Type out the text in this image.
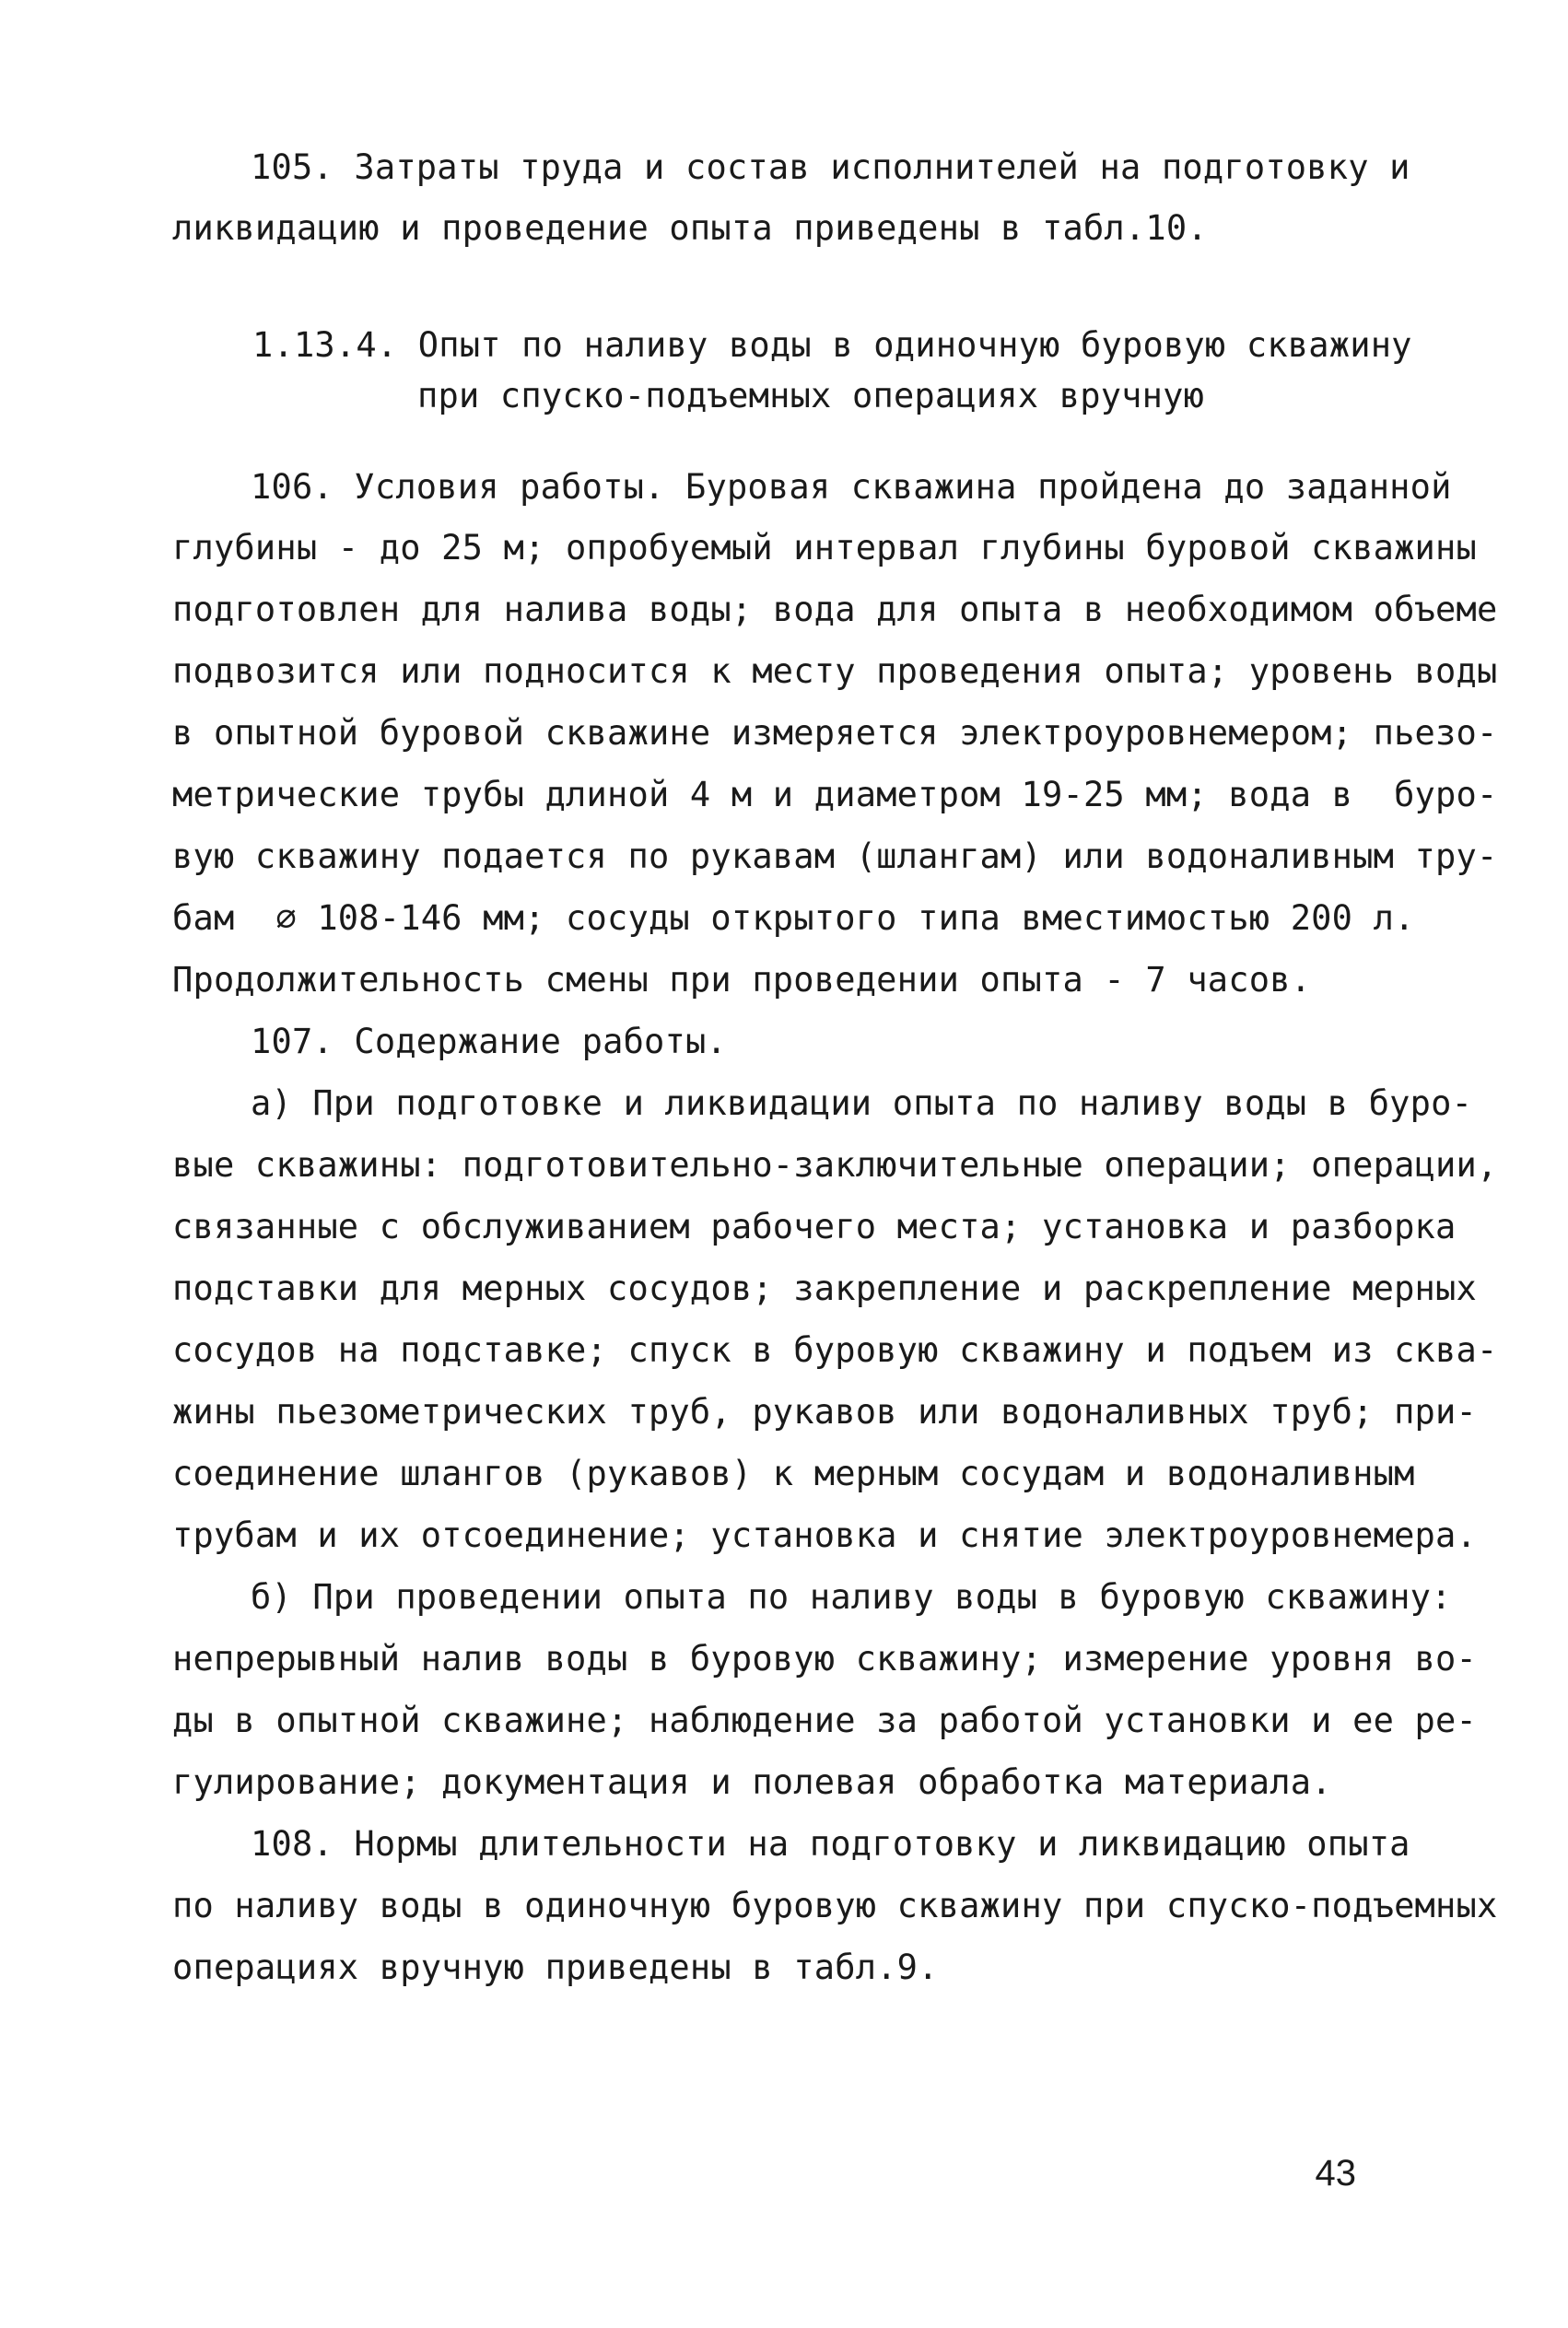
105. Затраты труда и состав исполнителей на подготовку и

ликвидацию и проведение опыта приведены в табл.10.

1.13.4. Опыт по наливу воды в одиночную буровую скважину

при спуско-подъемных операциях вручную

106. Условия работы. Буровая скважина пройдена до заданной

глубины - до 25 м; опробуемый интервал глубины буровой скважины

подготовлен для налива воды; вода для опыта в необходимом объеме

подвозится или подносится к месту проведения опыта; уровень воды

в опытной буровой скважине измеряется электроуровнемером; пьезо-

метрические трубы длиной 4 м и диаметром 19-25 мм; вода в  буро-

вую скважину подается по рукавам (шлангам) или водоналивным тру-

бам  ∅ 108-146 мм; сосуды открытого типа вместимостью 200 л.

Продолжительность смены при проведении опыта - 7 часов.

107. Содержание работы.

а) При подготовке и ликвидации опыта по наливу воды в буро-

вые скважины: подготовительно-заключительные операции; операции,

связанные с обслуживанием рабочего места; установка и разборка

подставки для мерных сосудов; закрепление и раскрепление мерных

сосудов на подставке; спуск в буровую скважину и подъем из сква-

жины пьезометрических труб, рукавов или водоналивных труб; при-

соединение шлангов (рукавов) к мерным сосудам и водоналивным

трубам и их отсоединение; установка и снятие электроуровнемера.

б) При проведении опыта по наливу воды в буровую скважину:

непрерывный налив воды в буровую скважину; измерение уровня во-

ды в опытной скважине; наблюдение за работой установки и ее ре-

гулирование; документация и полевая обработка материала.

108. Нормы длительности на подготовку и ликвидацию опыта

по наливу воды в одиночную буровую скважину при спуско-подъемных

операциях вручную приведены в табл.9.

43
